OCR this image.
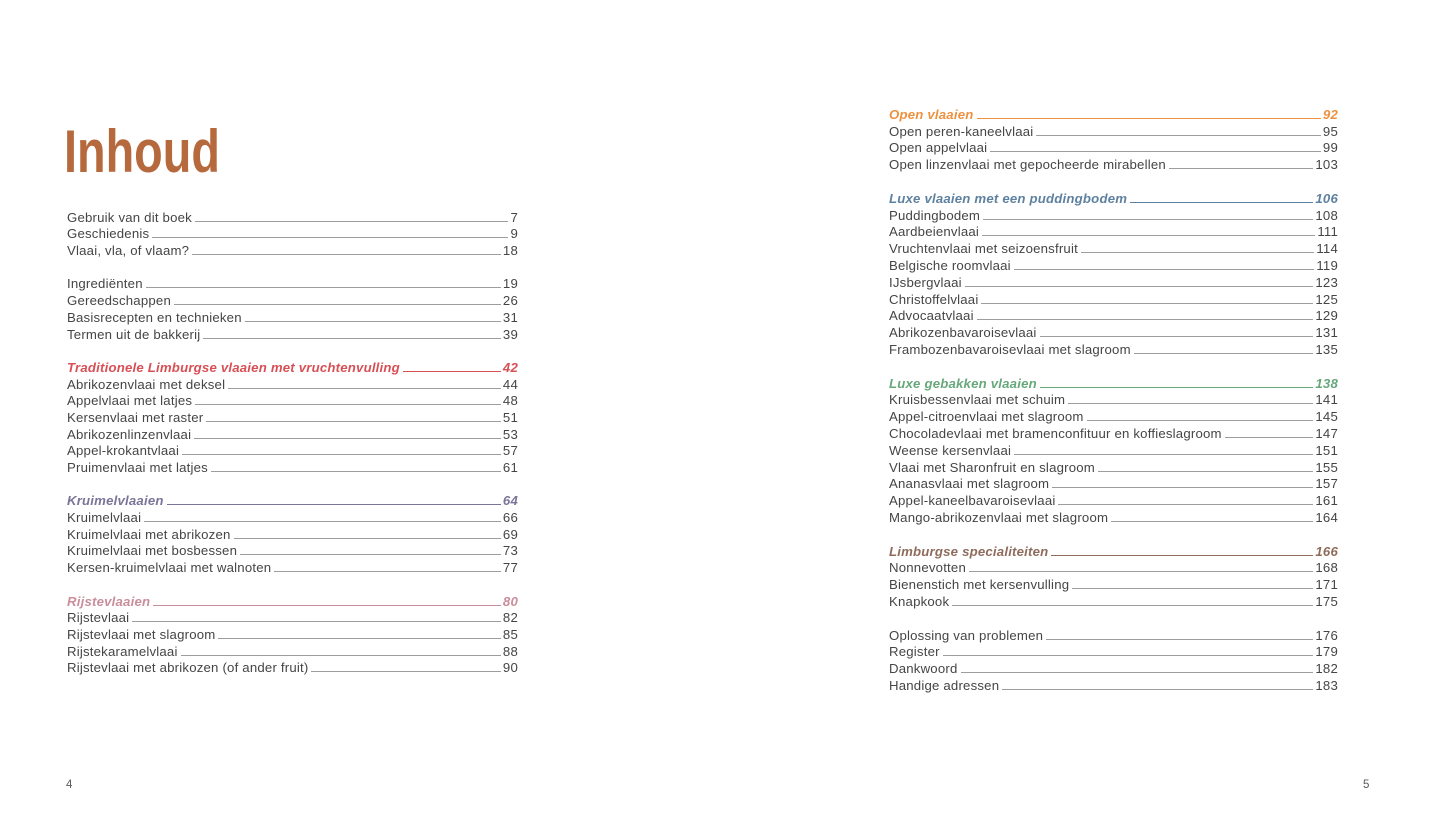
Inhoud
Gebruik van dit boek	7
Geschiedenis	9
Vlaai, vla, of vlaam?	18
Ingrediënten	19
Gereedschappen	26
Basisrecepten en technieken	31
Termen uit de bakkerij	39
Traditionele Limburgse vlaaien met vruchtenvulling	42
Abrikozenvlaai met deksel	44
Appelvlaai met latjes	48
Kersenvlaai met raster	51
Abrikozenlinzenvlaai	53
Appel-krokantvlaai	57
Pruimenvlaai met latjes	61
Kruimelvlaaien	64
Kruimelvlaai	66
Kruimelvlaai met abrikozen	69
Kruimelvlaai met bosbessen	73
Kersen-kruimelvlaai met walnoten	77
Rijstevlaaien	80
Rijstevlaai	82
Rijstevlaai met slagroom	85
Rijstekaramelvlaai	88
Rijstevlaai met abrikozen (of ander fruit)	90
Open vlaaien	92
Open peren-kaneelvlaai	95
Open appelvlaai	99
Open linzenvlaai met gepocheerde mirabellen	103
Luxe vlaaien met een puddingbodem	106
Puddingbodem	108
Aardbeienvlaai	111
Vruchtenvlaai met seizoensfruit	114
Belgische roomvlaai	119
IJsbergvlaai	123
Christoffelvlaai	125
Advocaatvlaai	129
Abrikozenbavaroisevlaai	131
Frambozenbavaroisevlaai met slagroom	135
Luxe gebakken vlaaien	138
Kruisbessenvlaai met schuim	141
Appel-citroenvlaai met slagroom	145
Chocoladevlaai met bramenconfituur en koffieslagroom	147
Weense kersenvlaai	151
Vlaai met Sharonfruit en slagroom	155
Ananasvlaai met slagroom	157
Appel-kaneelbavaroisevlaai	161
Mango-abrikozenvlaai met slagroom	164
Limburgse specialiteiten	166
Nonnevotten	168
Bienenstich met kersenvulling	171
Knapkook	175
Oplossing van problemen	176
Register	179
Dankwoord	182
Handige adressen	183
4	5
